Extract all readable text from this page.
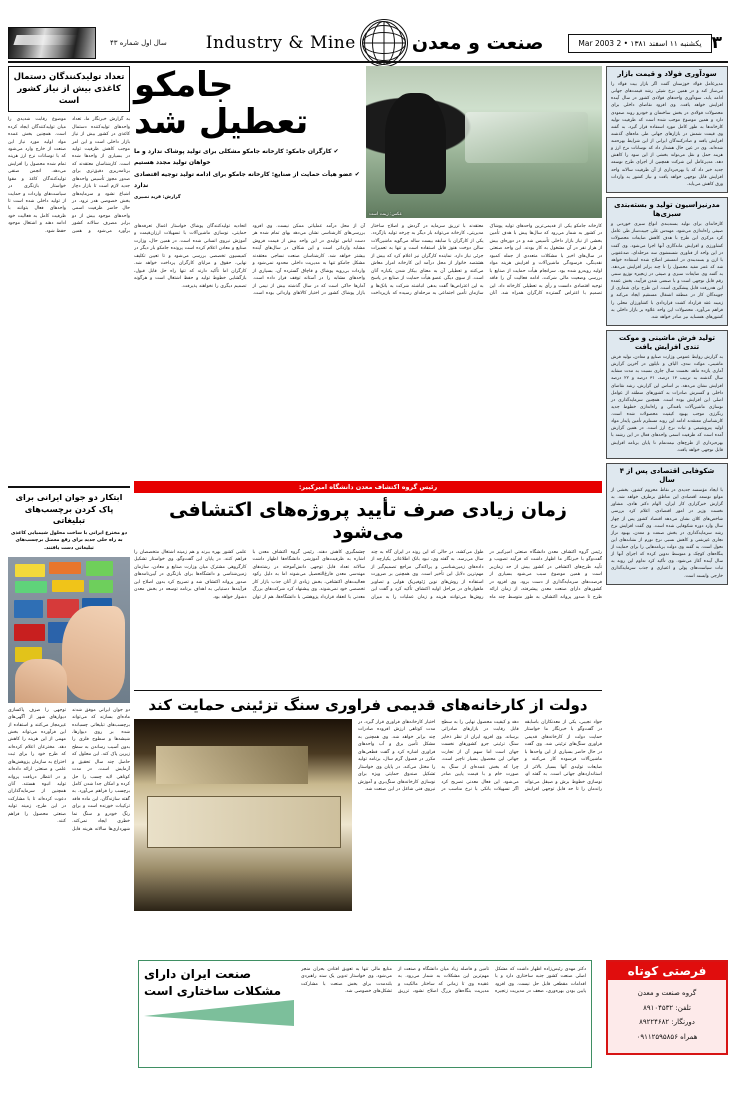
۳
یکشنبه ۱۱ اسفند ۱۳۸۱ • 2 Mar 2003
صنعت و معدن
Industry & Mine
سال اول شماره ۴۳
سودآوری فولاد و قیمت بازار
مدیرعامل فولاد خوزستان گفت اگر بازار بیت فولاد را می‌ساز کند و در همین نرخ شیئی رشد قیمت‌های جهانی ادامه یابد، سودآوری واحدهای فولادی کشور در سال آینده افزایش خواهد یافت. وی افزود تقاضای داخلی برای محصولات فولادی در بخش ساختمان و خودرو روند صعودی دارد و همین موضوع موجب شده است که ظرفیت تولید کارخانه‌ها به طور کامل مورد استفاده قرار گیرد. به گفته وی قیمت شمش در بازارهای جهانی طی ماه‌های گذشته افزایش یافته و صادرکنندگان ایرانی از این شرایط بهره‌مند شده‌اند. وی در عین حال هشدار داد که نوسانات نرخ ارز و هزینه حمل و نقل می‌تواند بخشی از این سود را کاهش دهد. مدیرعامل این شرکت همچنین از اجرای طرح توسعه جدید خبر داد که با بهره‌برداری از آن ظرفیت سالانه واحد افزایش قابل توجهی خواهد یافت و نیاز کشور به واردات ورق کاهش می‌یابد.
مدرنیزاسیون تولید و بسته‌بندی سبزی‌ها
کارخانه‌ای برای تولید بسته‌بندی انواع سبزی خوردنی و صیفی راه‌اندازی می‌شود. مهندس علی جبیت‌ساز طی عامل کرد مرکزی این طرح با هدف کاهش ضایعات محصولات کشاورزی و افزایش ماندگاری آنها اجرا می‌شود. وی گفت در این واحد از فناوری شستشوی سه مرحله‌ای، ضدعفونی با ازن و بسته‌بندی در اتمسفر اصلاح شده استفاده خواهد شد که عمر مفید محصول را تا چند برابر افزایش می‌دهد. به گفته وی ضایعات سبزی و صیفی در زنجیره توزیع سنتی رقم قابل توجهی است و با صنعتی شدن فرآیند، بخش عمده این هدررفت قابل پیشگیری است. این طرح برای شماری از جویندگان کار در منطقه اشتغال مستقیم ایجاد می‌کند و زمینه عقد قرارداد کشت قراردادی با کشاورزان محلی را فراهم می‌آورد. محصولات این واحد علاوه بر بازار داخلی به کشورهای همسایه نیز صادر خواهد شد.
تولید فرش ماشینی و موکت تندی افزایش یافت
به گزارش روابط عمومی وزارت صنایع و معادن، تولید فرش ماشینی، موکت تندی، الیاف و نایلون در آخرین گزارش آماری یازده ماهه نخست سال جاری نسبت به مدت مشابه سال گذشته به ترتیب ۱۳ درصد، ۳۱ درصد و ۲۲ درصد افزایش نشان می‌دهد. بر اساس این گزارش، رشد تقاضای داخلی و گسترش صادرات به کشورهای منطقه از عوامل اصلی این افزایش بوده است. همچنین سرمایه‌گذاری در نوسازی ماشین‌آلات بافندگی و راه‌اندازی خطوط جدید رنگرزی موجب بهبود کیفیت محصولات شده است. کارشناسان معتقدند ادامه این روند مستلزم تأمین پایدار مواد اولیه پتروشیمی و ثبات نرخ ارز است. در همین گزارش آمده است که ظرفیت اسمی واحدهای فعال در این رشته با بهره‌برداری از طرح‌های نیمه‌تمام تا پایان برنامه افزایش قابل توجهی خواهد یافت.
شکوفایی اقتصادی پس از ۴ سال
با ایجاد مؤسسه جدیدی در نقاط محروم کشور، بخشی از موانع توسعه اقتصادی این مناطق برطرف خواهد شد. به گزارش خبرگزاری کار ایران، الهام دکتر هادی، مشاور نخست وزیر در امور اقتصادی، اعلام کرد بررسی شاخص‌های کلان نشان می‌دهد اقتصاد کشور پس از چهار سال وارد دوره شکوفایی شده است. وی گفت افزایش نرخ رشد سرمایه‌گذاری در بخش صنعت و معدن، بهبود تراز تجاری غیرنفتی و کاهش نسبی نرخ تورم از نشانه‌های این تحول است. به گفته وی دولت برنامه‌هایی را برای حمایت از بنگاه‌های کوچک و متوسط تدوین کرده که اجرای آنها از سال آینده آغاز می‌شود. وی تأکید کرد تداوم این روند به ثبات سیاست‌های پولی و اعتباری و جذب سرمایه‌گذاری خارجی وابسته است.
تعداد تولیدکنندگان دستمال کاغذی بیش از نیاز کشور است
به گزارش خبرنگار ما، تعداد واحدهای تولیدکننده دستمال کاغذی در کشور بیش از نیاز بازار داخلی است و این امر موجب کاهش ظرفیت تولید در بسیاری از واحدها شده است. کارشناسان معتقدند که برنامه‌ریزی دقیق‌تری برای صدور مجوز تأسیس واحدهای جدید لازم است تا بازار دچار اشباع نشود و سرمایه‌های بخش خصوصی هدر نرود. در حال حاضر ظرفیت اسمی واحدهای موجود بیش از دو برابر مصرف سالانه کشور برآورد می‌شود و همین موضوع رقابت شدیدی را میان تولیدکنندگان ایجاد کرده است. همچنین بخش عمده مواد اولیه مورد نیاز این صنعت از خارج وارد می‌شود که با نوسانات نرخ ارز هزینه تمام شده محصول را افزایش می‌دهد. انجمن صنفی تولیدکنندگان کاغذ و مقوا خواستار بازنگری در سیاست‌های واردات و حمایت از تولید داخلی شده است تا واحدهای فعال بتوانند با ظرفیت کامل به فعالیت خود ادامه دهند و اشتغال موجود حفظ شود.
ابتکار دو جوان ایرانی برای پاک کردن برچسب‌های تبلیغاتی
دو مخترع ایرانی با ساخت محلول شیمیایی کاغذی به راه حلی جدید برای رفع معضل برچسب‌های تبلیغاتی دست یافتند.
دو جوان ایرانی موفق شدند ماده‌ای بسازند که می‌تواند برچسب‌های تبلیغاتی چسبانده شده بر روی دیوارها، شیشه‌ها و سطوح فلزی را بدون آسیب رساندن به سطح زیرین پاک کند. این محلول که حاصل چند سال تحقیق و آزمایش است، در مدت کوتاهی لایه چسب را حل کرده و امکان جدا شدن کامل برچسب را فراهم می‌آورد. به گفته سازندگان، این ماده فاقد ترکیبات خورنده است و برای رنگ خودرو و سنگ نما خطری ایجاد نمی‌کند. شهرداری‌ها سالانه هزینه قابل توجهی را صرف پاکسازی دیوارهای شهر از آگهی‌های غیرمجاز می‌کنند و استفاده از این فرآورده می‌تواند بخش مهمی از این هزینه را کاهش دهد. مخترعان اعلام کرده‌اند که طرح خود را برای ثبت اختراع به سازمان پژوهش‌های علمی و صنعتی ارائه داده‌اند و در انتظار دریافت پروانه تولید انبوه هستند. آنان همچنین از سرمایه‌گذاران دعوت کرده‌اند تا با مشارکت در این طرح، زمینه تولید صنعتی محصول را فراهم کنند.
عکس: زینت است
جامکو
تعطیل شد
✔ کارگران جامکو: کارخانه جامکو مشکلی برای تولید پوشاک ندارد و ما خواهان تولید مجدد هستیم
✔ عضو هیأت حمایت از صنایع: کارخانه جامکو برای ادامه تولید توجیه اقتصادی ندارد
گزارش: فرید نصیری
کارخانه جامکو یکی از قدیمی‌ترین واحدهای تولید پوشاک در کشور به شمار می‌رود که سال‌ها پیش با هدف تأمین بخشی از نیاز بازار داخلی تأسیس شد و در دوره‌ای بیش از هزار نفر در آن مشغول به کار بودند. این واحد صنعتی در سال‌های اخیر با مشکلات متعددی از جمله کمبود نقدینگی، فرسودگی ماشین‌آلات و افزایش هزینه مواد اولیه روبه‌رو شده بود. سرانجام هیأت حمایت از صنایع با بررسی وضعیت مالی شرکت، ادامه فعالیت آن را فاقد توجیه اقتصادی دانست و رأی به تعطیلی کارخانه داد. این تصمیم با اعتراض گسترده کارگران همراه شد. آنان معتقدند با تزریق سرمایه در گردش و اصلاح ساختار مدیریتی، کارخانه می‌تواند بار دیگر به چرخه تولید بازگردد. یکی از کارگران با سابقه بیست ساله می‌گوید ماشین‌آلات سالن دوخت هنوز قابل استفاده است و تنها به تعمیرات جزئی نیاز دارد. نماینده کارگران نیز اعلام کرد که بیش از هشتصد خانوار از محل درآمد این کارخانه امرار معاش می‌کنند و تعطیلی آن به معنای بیکار شدن یکباره آنان است. از سوی دیگر، عضو هیأت حمایت از صنایع در پاسخ به این اعتراض‌ها گفت بدهی انباشته شرکت به بانک‌ها و سازمان تأمین اجتماعی به مرحله‌ای رسیده که بازپرداخت آن از محل درآمد عملیاتی ممکن نیست. وی افزود بررسی‌های کارشناسی نشان می‌دهد بهای تمام شده هر دست لباس تولیدی در این واحد بیش از قیمت فروش مشابه وارداتی است و این شکاف در سال‌های آینده بیشتر خواهد شد. کارشناسان صنعت نساجی معتقدند مشکل جامکو تنها به مدیریت داخلی محدود نمی‌شود و واردات بی‌رویه پوشاک و قاچاق گسترده آن، بسیاری از واحدهای مشابه را در آستانه توقف قرار داده است. آمارها حاکی است که در سال گذشته بیش از نیمی از بازار پوشاک کشور در اختیار کالاهای وارداتی بوده است. اتحادیه تولیدکنندگان پوشاک خواستار اعمال تعرفه‌های حمایتی، نوسازی ماشین‌آلات با تسهیلات ارزان‌قیمت و آموزش نیروی انسانی شده است. در همین حال، وزارت صنایع و معادن اعلام کرده است پرونده جامکو بار دیگر در کمیسیون تخصصی بررسی می‌شود و تا تعیین تکلیف نهایی، حقوق و مزایای کارگران پرداخت خواهد شد. کارگران اما تأکید دارند که تنها راه حل قابل قبول، بازگشایی خطوط تولید و حفظ اشتغال است و هرگونه تصمیم دیگری را نخواهند پذیرفت.
رئیس گروه اکتشاف معدن دانشگاه امیرکبیر:
زمان زیادی صرف تأیید پروژه‌های اکتشافی می‌شود
رئیس گروه اکتشاف معدن دانشگاه صنعتی امیرکبیر در گفت‌وگو با خبرنگار ما اظهار داشت که فرآیند تصویب و تأیید طرح‌های اکتشافی در کشور بیش از حد زمان‌بر است و همین موضوع سبب می‌شود بسیاری از فرصت‌های سرمایه‌گذاری از دست برود. وی افزود در کشورهای دارای صنعت معدن پیشرفته، از زمان ارائه طرح تا صدور پروانه اکتشاف به طور متوسط چند ماه طول می‌کشد، در حالی که این روند در ایران گاه به چند سال می‌رسد. به گفته وی، نبود بانک اطلاعاتی یکپارچه از داده‌های زمین‌شناسی و پراکندگی مراجع تصمیم‌گیر از مهم‌ترین دلایل این تأخیر است. وی همچنین بر ضرورت استفاده از روش‌های نوین ژئوفیزیک هوایی و تصاویر ماهواره‌ای در مراحل اولیه اکتشاف تأکید کرد و گفت این روش‌ها می‌توانند هزینه و زمان عملیات را به میزان چشمگیری کاهش دهند. رئیس گروه اکتشاف معدن با اشاره به ظرفیت‌های آموزشی دانشگاه‌ها اظهار داشت سالانه تعداد قابل توجهی دانش‌آموخته در رشته‌های مهندسی معدن فارغ‌التحصیل می‌شوند اما به دلیل رکود فعالیت‌های اکتشافی، بخش زیادی از آنان جذب بازار کار تخصصی خود نمی‌شوند. وی پیشنهاد کرد شرکت‌های بزرگ معدنی با انعقاد قرارداد پژوهشی با دانشگاه‌ها، هم از توان علمی کشور بهره ببرند و هم زمینه اشتغال متخصصان را فراهم کنند. در پایان این گفت‌وگو، وی خواستار تشکیل کارگروهی مشترک میان وزارت صنایع و معادن، سازمان زمین‌شناسی و دانشگاه‌ها برای بازنگری در آیین‌نامه‌های صدور پروانه اکتشاف شد و تصریح کرد بدون اصلاح این فرآیندها دستیابی به اهداف برنامه توسعه در بخش معدن دشوار خواهد بود.
دولت از کارخانه‌های قدیمی فراوری سنگ تزئینی حمایت کند
جواد نجیبی، یکی از معدنکاران باسابقه در گفت‌وگو با خبرنگار ما خواستار حمایت دولت از کارخانه‌های قدیمی فراوری سنگ‌های تزئینی شد. وی گفت در حال حاضر بسیاری از این واحدها با ماشین‌آلات فرسوده کار می‌کنند و ضایعات تولیدی آنها بسیار بالاتر از استانداردهای جهانی است. به گفته او، نوسازی خطوط برش و صیقل می‌تواند راندمان را تا حد قابل توجهی افزایش دهد و کیفیت محصول نهایی را به سطح قابل رقابت در بازارهای صادراتی برساند. وی افزود ایران از نظر ذخایر سنگ تزئینی جزو کشورهای نخست جهان است اما سهم آن از تجارت جهانی این محصول بسیار ناچیز است، چرا که بخش عمده‌ای از سنگ به صورت خام و با قیمت پایین صادر می‌شود. این فعال معدنی تصریح کرد اگر تسهیلات بانکی با نرخ مناسب در اختیار کارخانه‌های فراوری قرار گیرد، در مدت کوتاهی ارزش افزوده صادرات چند برابر خواهد شد. وی همچنین به مشکل تأمین برق و آب واحدهای فراوری اشاره کرد و گفت قطعی‌های مکرر در فصول گرم سال، برنامه تولید را مختل می‌کند. در پایان وی خواستار تشکیل صندوق حمایتی ویژه برای نوسازی کارخانه‌های سنگ‌بری و آموزش نیروی فنی شاغل در این صنعت شد.
دکتر مهدی رئیس‌زاده اظهار داشت که مشکل اصلی صنعت کشور جنبه ساختاری دارد و با اقدامات مقطعی قابل حل نیست. وی افزود پایین بودن بهره‌وری، ضعف در مدیریت زنجیره تأمین و فاصله زیاد میان دانشگاه و صنعت از مهم‌ترین این مشکلات به شمار می‌رود. به عقیده وی تا زمانی که ساختار مالکیت و مدیریت بنگاه‌های بزرگ اصلاح نشود، تزریق منابع مالی تنها به تعویق افتادن بحران منجر می‌شود. وی خواستار تدوین یک سند راهبردی بلندمدت برای بخش صنعت با مشارکت تشکل‌های خصوصی شد.
صنعت ایران دارای مشکلات ساختاری است
فرصتی کوتاه
گروه صنعت و معدن
تلفن: ۸۹۱۰۴۵۳۲
دورنگار: ۸۹۲۲۴۶۸۲
همراه ۰۹۱۱۲۵۹۵۸۵۶
